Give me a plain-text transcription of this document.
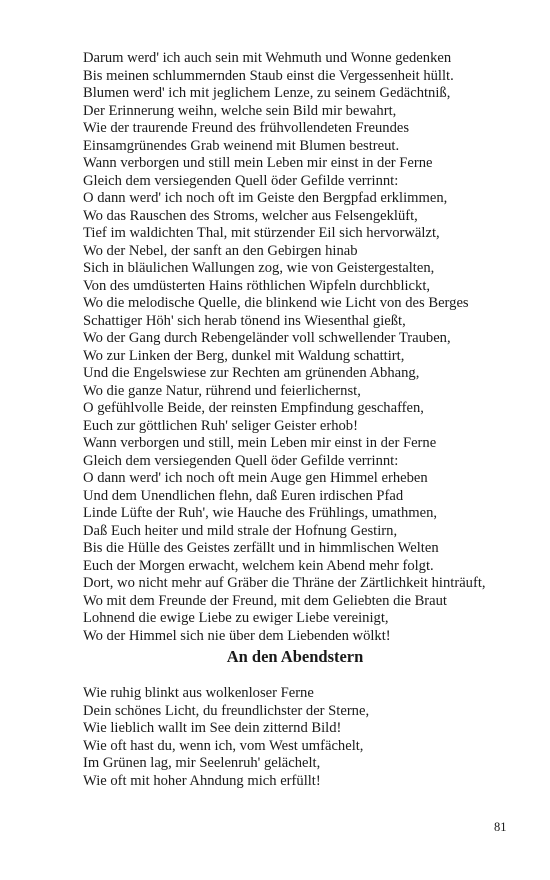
Darum werd' ich auch sein mit Wehmuth und Wonne gedenken
Bis meinen schlummernden Staub einst die Vergessenheit hüllt.
Blumen werd' ich mit jeglichem Lenze, zu seinem Gedächtniß,
Der Erinnerung weihn, welche sein Bild mir bewahrt,
Wie der traurende Freund des frühvollendeten Freundes
Einsamgrünendes Grab weinend mit Blumen bestreut.
Wann verborgen und still mein Leben mir einst in der Ferne
Gleich dem versiegenden Quell öder Gefilde verrinnt:
O dann werd' ich noch oft im Geiste den Bergpfad erklimmen,
Wo das Rauschen des Stroms, welcher aus Felsengeklüft,
Tief im waldichten Thal, mit stürzender Eil sich hervorwälzt,
Wo der Nebel, der sanft an den Gebirgen hinab
Sich in bläulichen Wallungen zog, wie von Geistergestalten,
Von des umdüsterten Hains röthlichen Wipfeln durchblickt,
Wo die melodische Quelle, die blinkend wie Licht von des Berges
Schattiger Höh' sich herab tönend ins Wiesenthal gießt,
Wo der Gang durch Rebengeländer voll schwellender Trauben,
Wo zur Linken der Berg, dunkel mit Waldung schattirt,
Und die Engelswiese zur Rechten am grünenden Abhang,
Wo die ganze Natur, rührend und feierlichernst,
O gefühlvolle Beide, der reinsten Empfindung geschaffen,
Euch zur göttlichen Ruh' seliger Geister erhob!
Wann verborgen und still, mein Leben mir einst in der Ferne
Gleich dem versiegenden Quell öder Gefilde verrinnt:
O dann werd' ich noch oft mein Auge gen Himmel erheben
Und dem Unendlichen flehn, daß Euren irdischen Pfad
Linde Lüfte der Ruh', wie Hauche des Frühlings, umathmen,
Daß Euch heiter und mild strale der Hofnung Gestirn,
Bis die Hülle des Geistes zerfällt und in himmlischen Welten
Euch der Morgen erwacht, welchem kein Abend mehr folgt.
Dort, wo nicht mehr auf Gräber die Thräne der Zärtlichkeit hinträuft,
Wo mit dem Freunde der Freund, mit dem Geliebten die Braut
Lohnend die ewige Liebe zu ewiger Liebe vereinigt,
Wo der Himmel sich nie über dem Liebenden wölkt!
An den Abendstern
Wie ruhig blinkt aus wolkenloser Ferne
Dein schönes Licht, du freundlichster der Sterne,
Wie lieblich wallt im See dein zitternd Bild!
Wie oft hast du, wenn ich, vom West umfächelt,
Im Grünen lag, mir Seelenruh' gelächelt,
Wie oft mit hoher Ahndung mich erfüllt!
81
